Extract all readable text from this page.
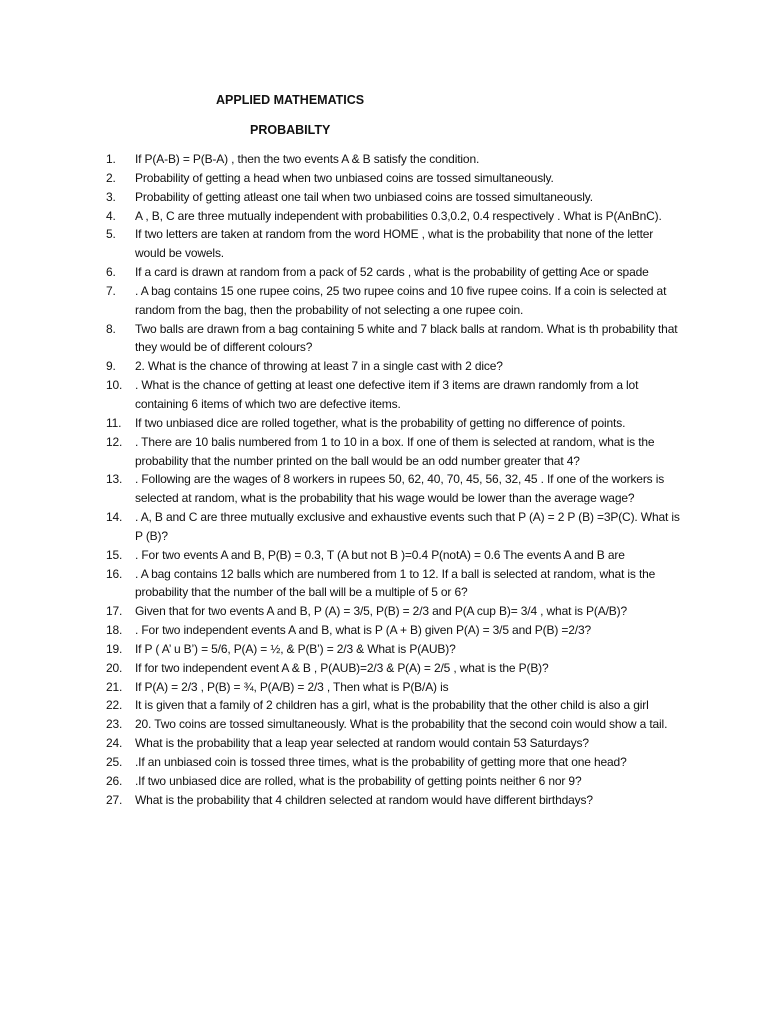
APPLIED MATHEMATICS
PROBABILTY
1.	If P(A-B) = P(B-A) , then the two events A & B satisfy the condition.
2.	Probability of getting a head when two unbiased coins are tossed simultaneously.
3.	Probability of getting atleast one tail when two unbiased coins are tossed simultaneously.
4.	A , B, C are three mutually independent with probabilities 0.3,0.2, 0.4 respectively . What is P(AnBnC).
5.	If two letters are taken at random from the word HOME , what is the probability that none of the letter would be vowels.
6.	If a card is drawn at random from a pack of 52 cards , what is the probability of getting Ace or spade
7.	. A bag contains 15 one rupee coins, 25 two rupee coins and 10 five rupee coins. If a coin is selected at random from the bag, then the probability of not selecting a one rupee coin.
8.	Two balls are drawn from a bag containing 5 white and 7 black balls at random. What is th probability that they would be of different colours?
9.	2. What is the chance of throwing at least 7 in a single cast with 2 dice?
10.	. What is the chance of getting at least one defective item if 3 items are drawn randomly from a lot containing 6 items of which two are defective items.
11.	If two unbiased dice are rolled together, what is the probability of getting no difference of points.
12.	. There are 10 balis numbered from 1 to 10 in a box. If one of them is selected at random, what is the probability that the number printed on the ball would be an odd number greater that 4?
13.	. Following are the wages of 8 workers in rupees 50, 62, 40, 70, 45, 56, 32, 45 . If one of the workers is selected at random, what is the probability that his wage would be lower than the average wage?
14.	. A, B and C are three mutually exclusive and exhaustive events such that P (A) = 2 P (B) =3P(C). What is P (B)?
15.	. For two events A and B, P(B) = 0.3, T (A but not B )=0.4 P(notA) = 0.6 The events A and B are
16.	. A bag contains 12 balls which are numbered from 1 to 12. If a ball is selected at random, what is the probability that the number of the ball will be a multiple of 5 or 6?
17.	Given that for two events A and B, P (A) = 3/5, P(B) = 2/3 and P(A cup B)= 3/4 , what is P(A/B)?
18.	. For two independent events A and B, what is P (A + B) given P(A) = 3/5 and P(B) =2/3?
19.	If P ( A’ u B’) = 5/6, P(A) = ½, & P(B’) = 2/3 & What is P(AUB)?
20.	If for two independent event A & B , P(AUB)=2/3 & P(A) = 2/5 , what is the P(B)?
21.	If P(A) = 2/3 , P(B) = ¾, P(A/B) = 2/3 , Then what is P(B/A) is
22.	It is given that a family of 2 children has a girl, what is the probability that the other child is also a girl
23.	20. Two coins are tossed simultaneously. What is the probability that the second coin would show a tail.
24.	What is the probability that a leap year selected at random would contain 53 Saturdays?
25.	.If an unbiased coin is tossed three times, what is the probability of getting more that one head?
26.	.If two unbiased dice are rolled, what is the probability of getting points neither 6 nor 9?
27.	What is the probability that 4 children selected at random would have different birthdays?
